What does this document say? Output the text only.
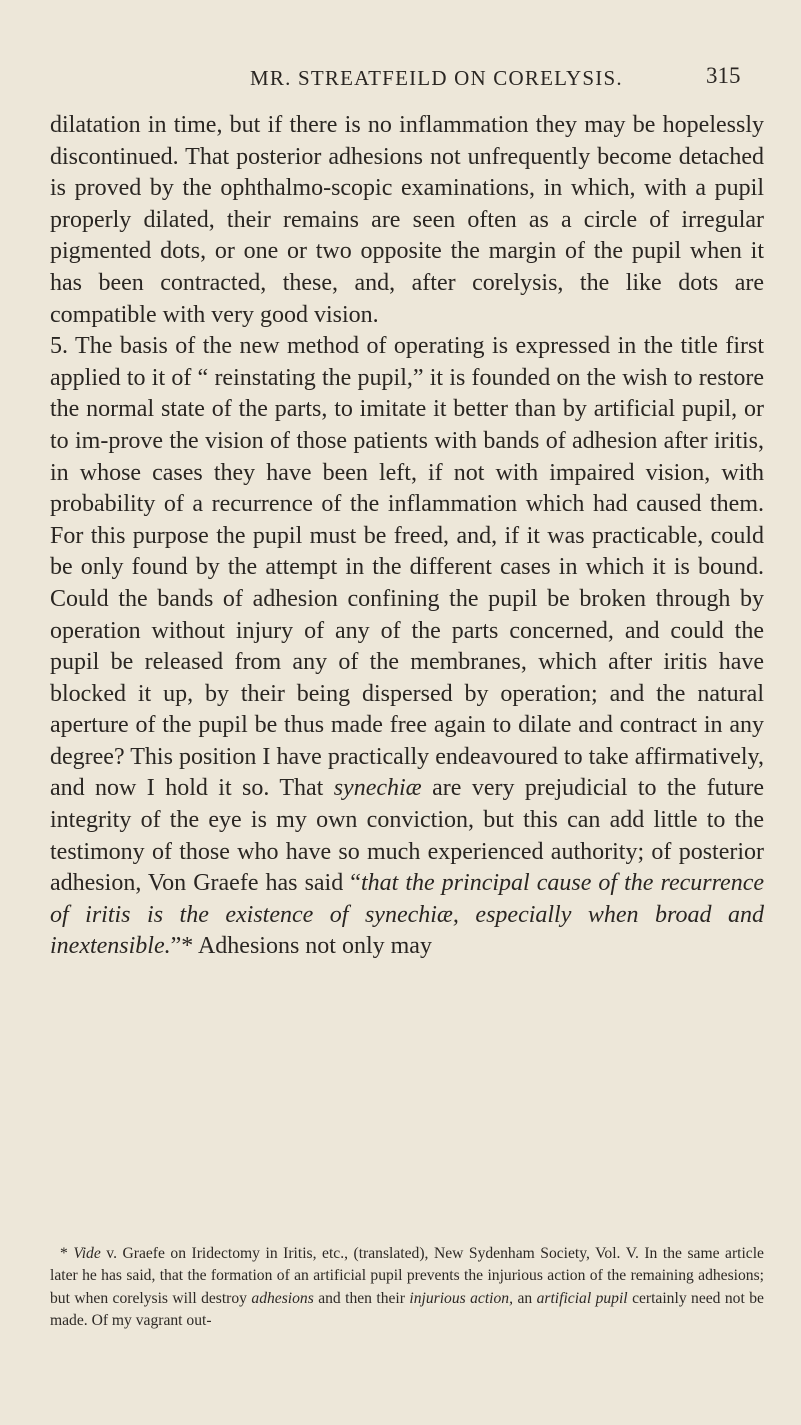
MR. STREATFEILD ON CORELYSIS.	315

dilatation in time, but if there is no inflammation they may be hopelessly discontinued. That posterior adhesions not unfrequently become detached is proved by the ophthalmo-scopic examinations, in which, with a pupil properly dilated, their remains are seen often as a circle of irregular pigmented dots, or one or two opposite the margin of the pupil when it has been contracted, these, and, after corelysis, the like dots are compatible with very good vision.

5. The basis of the new method of operating is expressed in the title first applied to it of “ reinstating the pupil,” it is founded on the wish to restore the normal state of the parts, to imitate it better than by artificial pupil, or to im-prove the vision of those patients with bands of adhesion after iritis, in whose cases they have been left, if not with impaired vision, with probability of a recurrence of the inflammation which had caused them. For this purpose the pupil must be freed, and, if it was practicable, could be only found by the attempt in the different cases in which it is bound. Could the bands of adhesion confining the pupil be broken through by operation without injury of any of the parts concerned, and could the pupil be released from any of the membranes, which after iritis have blocked it up, by their being dispersed by operation; and the natural aperture of the pupil be thus made free again to dilate and contract in any degree? This position I have practically endeavoured to take affirmatively, and now I hold it so. That synechiæ are very prejudicial to the future integrity of the eye is my own conviction, but this can add little to the testimony of those who have so much experienced authority; of posterior adhesion, Von Graefe has said “that the principal cause of the recurrence of iritis is the existence of synechiæ, especially when broad and inextensible.”* Adhesions not only may

* Vide v. Graefe on Iridectomy in Iritis, etc., (translated), New Sydenham Society, Vol. V. In the same article later he has said, that the formation of an artificial pupil prevents the injurious action of the remaining adhesions; but when corelysis will destroy adhesions and then their injurious action, an artificial pupil certainly need not be made. Of my vagrant out-
